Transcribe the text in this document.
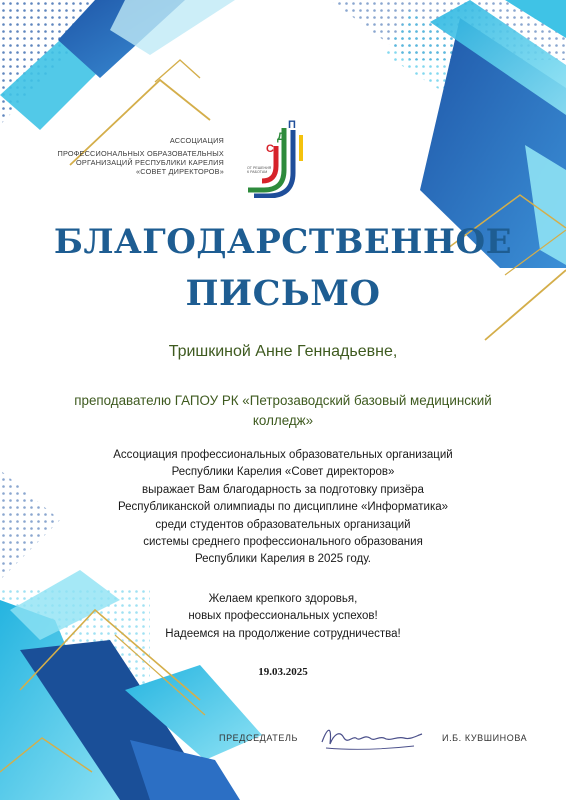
АССОЦИАЦИЯ
ПРОФЕССИОНАЛЬНЫХ ОБРАЗОВАТЕЛЬНЫХ
ОРГАНИЗАЦИЙ РЕСПУБЛИКИ КАРЕЛИЯ
«СОВЕТ ДИРЕКТОРОВ»
С
Д
П
ОТ РЕШЕНИЯ
К РАБОТАМ
БЛАГОДАРСТВЕННОЕ
ПИСЬМО
Тришкиной Анне Геннадьевне,
преподавателю ГАПОУ РК «Петрозаводский базовый медицинский
колледж»
Ассоциация профессиональных образовательных организаций
Республики Карелия «Совет директоров»
выражает Вам благодарность за подготовку призёра
Республиканской олимпиады по дисциплине «Информатика»
среди студентов образовательных организаций
системы среднего профессионального образования
Республики Карелия в 2025 году.
Желаем крепкого здоровья,
новых профессиональных успехов!
Надеемся на продолжение сотрудничества!
19.03.2025
ПРЕДСЕДАТЕЛЬ	И.Б. КУВШИНОВА
